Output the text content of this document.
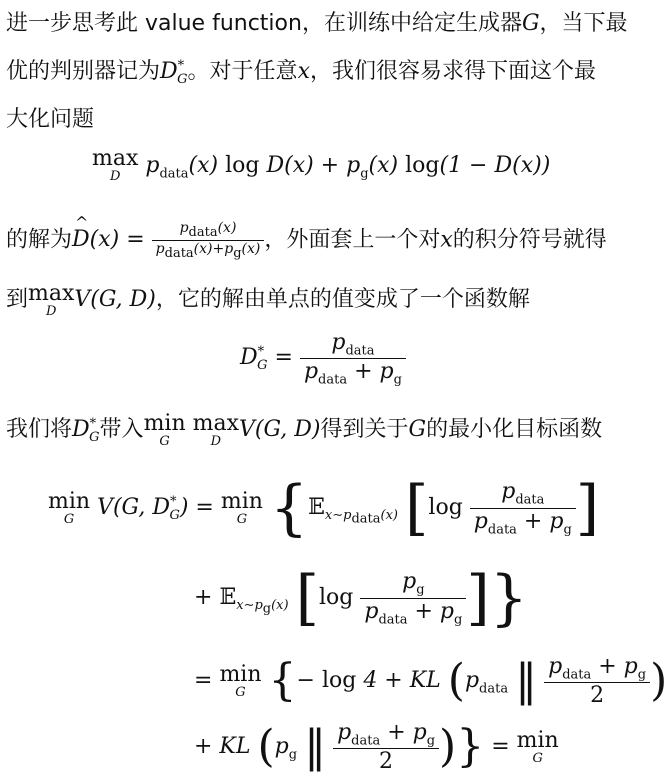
进一步思考此 value function，在训练中给定生成器G，当下最
优的判别器记为$D^*_G$。对于任意x，我们很容易求得下面这个最
大化问题
max
D	$p_{data}(x)$ $\log D(x) + p_g(x) \log(1 - D(x))$
的解为^ $D(x) = \frac{p_{data}(x)}{p_{data}(x)+p_g(x)}$ ，外面套上一个对x的积分符号就得
到 max
D V(G, D)，它的解由单点的值变成了一个函数解
$D^*_G = \frac{p_{data}}{p_{data} + p_g}$
我们将$D^*_G$带入 min
G

max
D V(G, D)得到关于G的最小化目标函数
min
G V(G, $D^*_G) = \min$
G {𝔼$_{x\sim p_{data}(x)}$ [$\log \frac{p_{data}}{p_{data} + p_g}$ ]
+ 𝔼$_{x\sim p_g(x)}$ [$\log \frac{p_g}{p_{data} + p_g}$ ]}
= min
G {− log 4 + KL ($p_{data}$ ‖ $\frac{p_{data} + p_g}{2}$ )
+ KL ($p_g$ ‖ $\frac{p_{data} + p_g}{2}$ )} = min
G
